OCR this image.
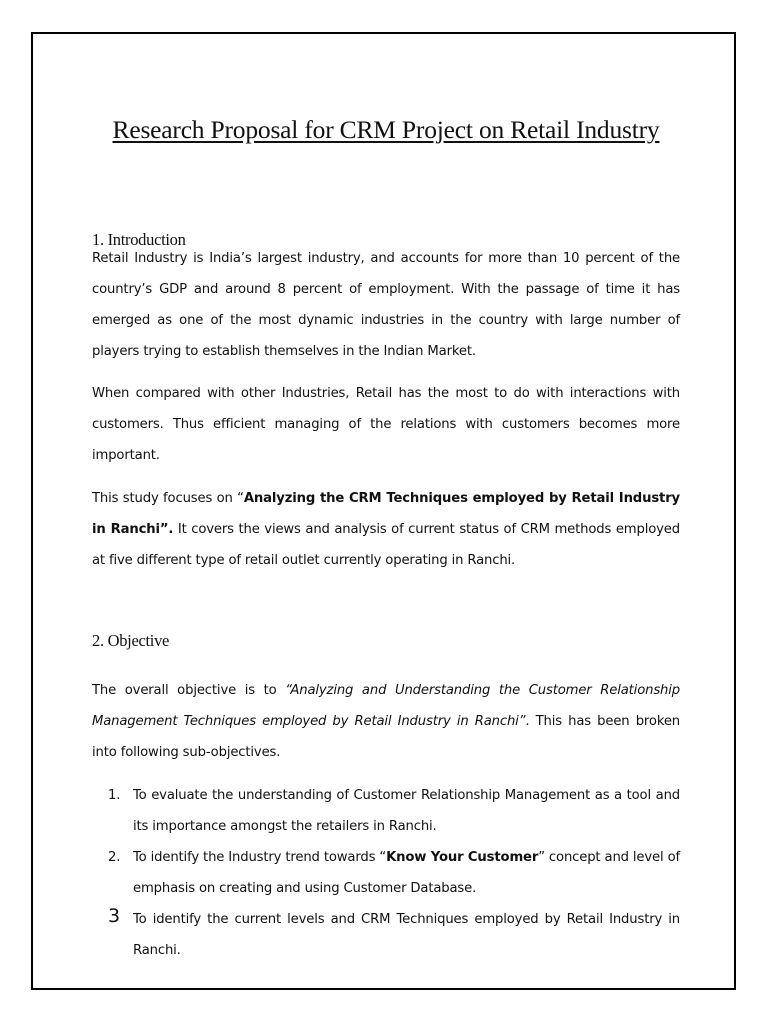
Research Proposal for CRM Project on Retail Industry
1. Introduction

Retail Industry is India’s largest industry, and accounts for more than 10 percent of the country’s GDP and around 8 percent of employment. With the passage of time it has emerged as one of the most dynamic industries in the country with large number of players trying to establish themselves in the Indian Market.

When compared with other Industries, Retail has the most to do with interactions with customers. Thus efficient managing of the relations with customers becomes more important.

This study focuses on “Analyzing the CRM Techniques employed by Retail Industry in Ranchi”. It covers the views and analysis of current status of CRM methods employed at five different type of retail outlet currently operating in Ranchi.

2. Objective

The overall objective is to “Analyzing and Understanding the Customer Relationship Management Techniques employed by Retail Industry in Ranchi”. This has been broken into following sub-objectives.

1. To evaluate the understanding of Customer Relationship Management as a tool and its importance amongst the retailers in Ranchi.
2. To identify the Industry trend towards “Know Your Customer” concept and level of emphasis on creating and using Customer Database.
3 To identify the current levels and CRM Techniques employed by Retail Industry in Ranchi.
